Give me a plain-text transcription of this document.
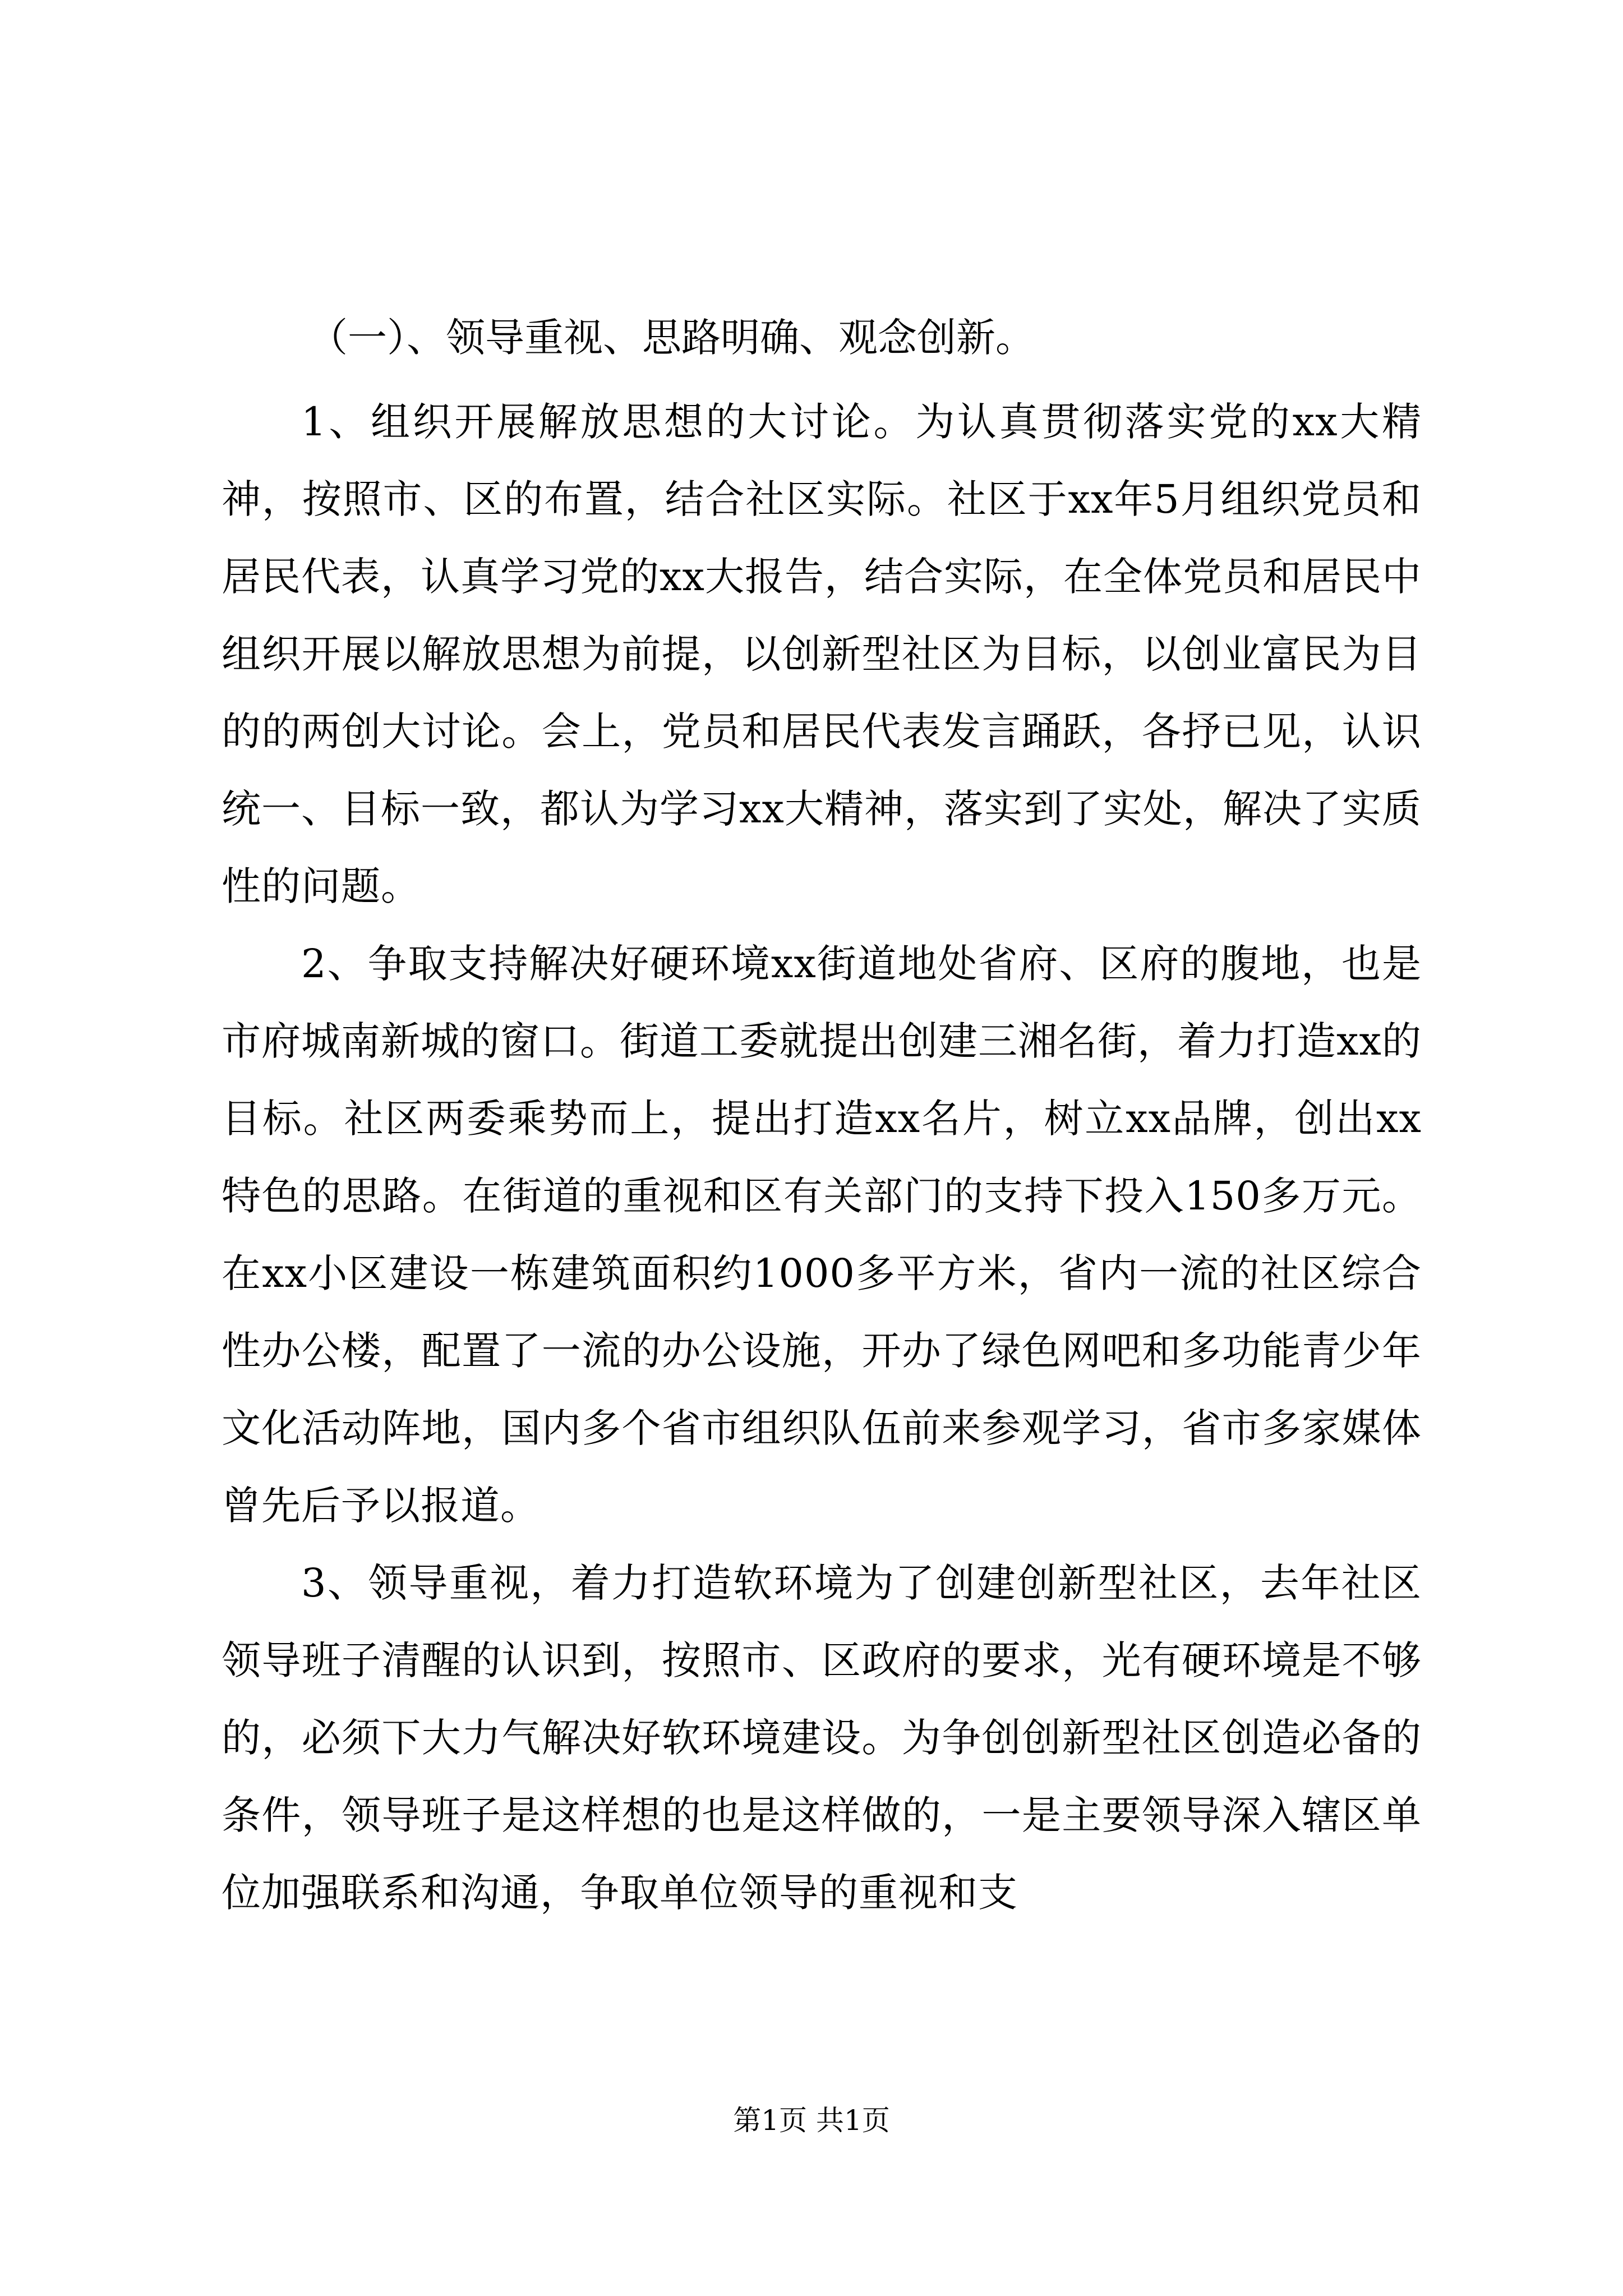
（一）、领导重视、思路明确、观念创新。

1、组织开展解放思想的大讨论。为认真贯彻落实党的xx大精神，按照市、区的布置，结合社区实际。社区于xx年5月组织党员和居民代表，认真学习党的xx大报告，结合实际，在全体党员和居民中组织开展以解放思想为前提，以创新型社区为目标，以创业富民为目的的两创大讨论。会上，党员和居民代表发言踊跃，各抒已见，认识统一、目标一致，都认为学习xx大精神，落实到了实处，解决了实质性的问题。

2、争取支持解决好硬环境xx街道地处省府、区府的腹地，也是市府城南新城的窗口。街道工委就提出创建三湘名街，着力打造xx的目标。社区两委乘势而上，提出打造xx名片，树立xx品牌，创出xx特色的思路。在街道的重视和区有关部门的支持下投入150多万元。在xx小区建设一栋建筑面积约1000多平方米，省内一流的社区综合性办公楼，配置了一流的办公设施，开办了绿色网吧和多功能青少年文化活动阵地，国内多个省市组织队伍前来参观学习，省市多家媒体曾先后予以报道。

3、领导重视，着力打造软环境为了创建创新型社区，去年社区领导班子清醒的认识到，按照市、区政府的要求，光有硬环境是不够的，必须下大力气解决好软环境建设。为争创创新型社区创造必备的条件，领导班子是这样想的也是这样做的，一是主要领导深入辖区单位加强联系和沟通，争取单位领导的重视和支

第1页 共1页
